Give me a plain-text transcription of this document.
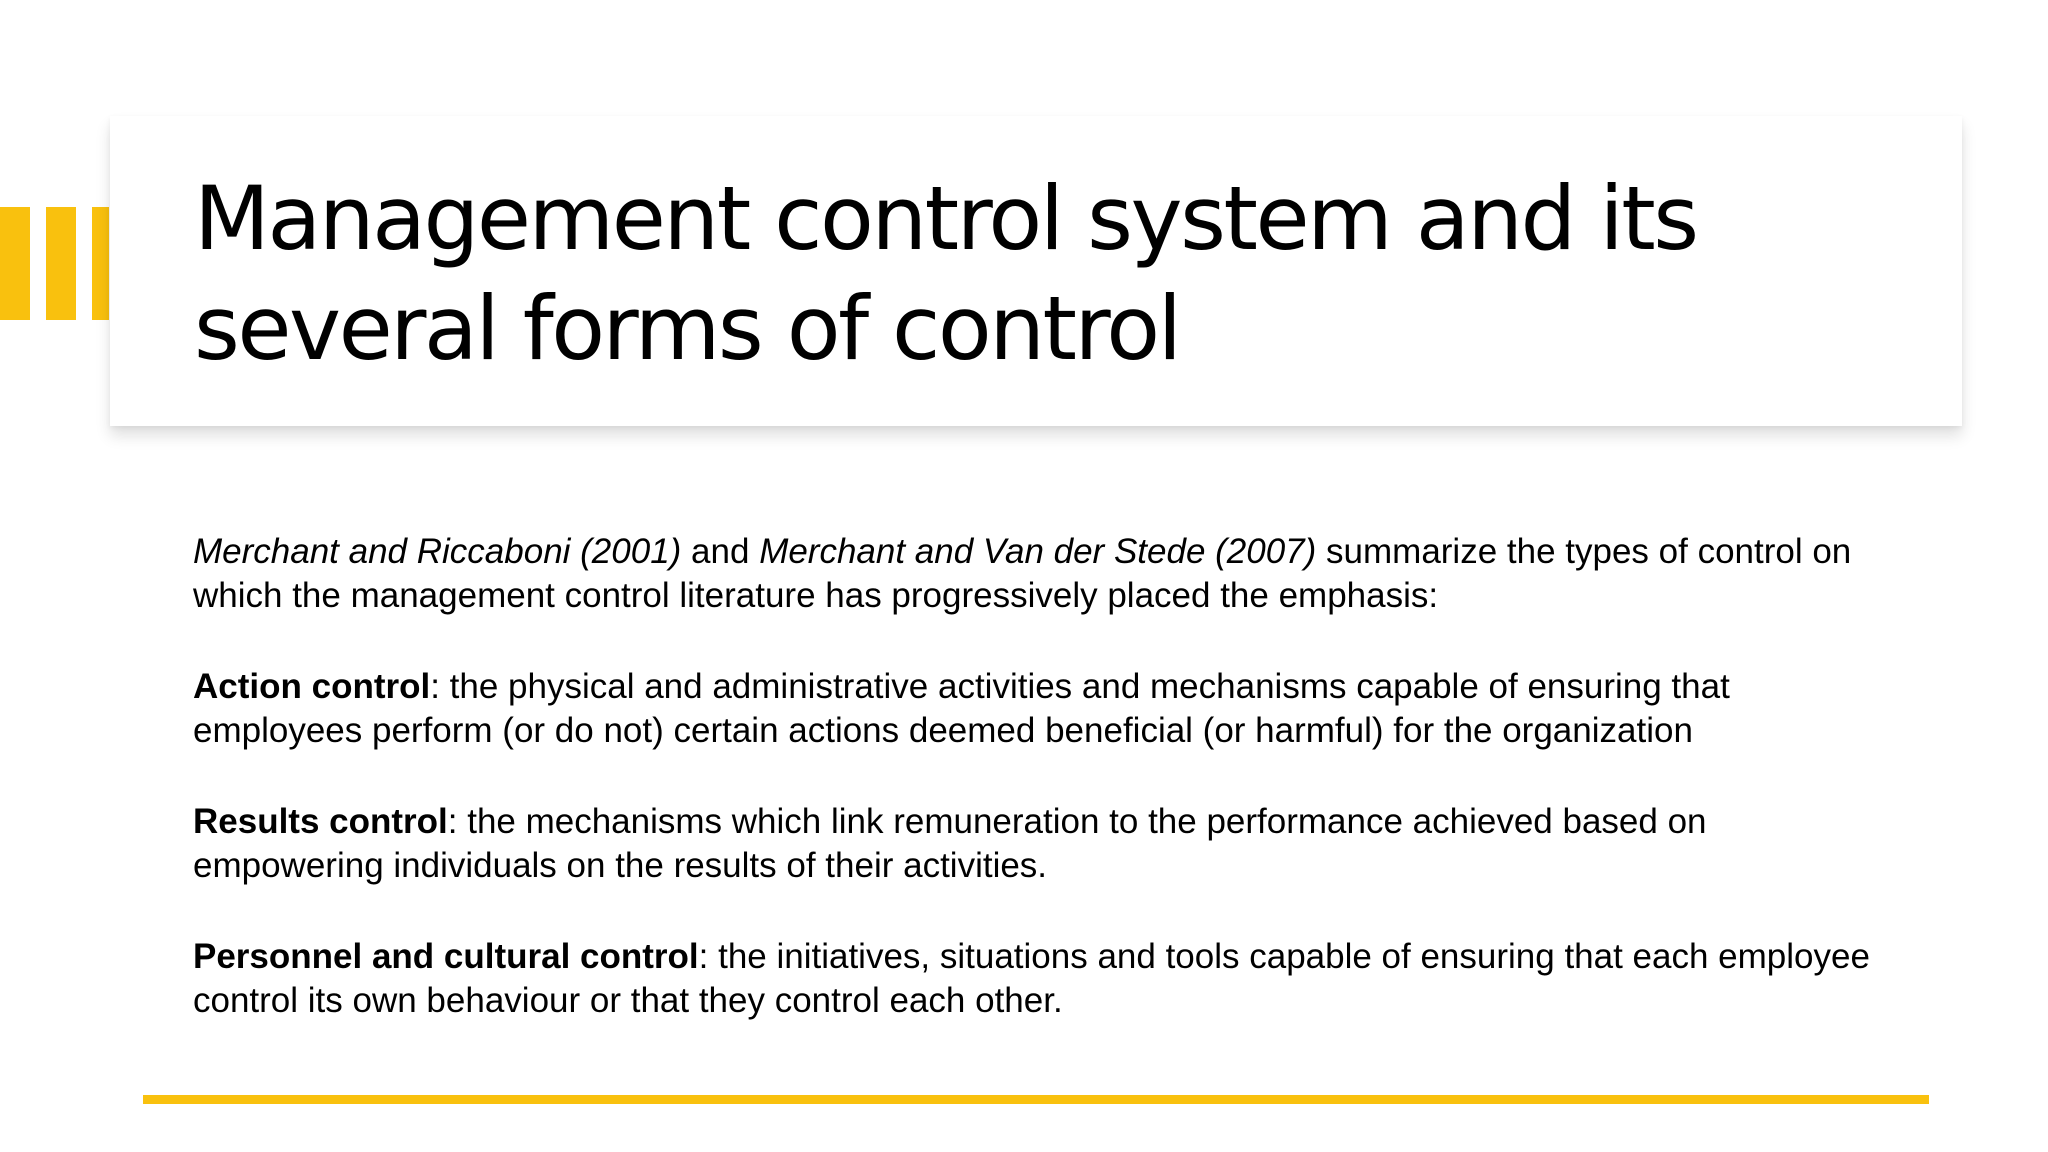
Management control system and its
several forms of control

Merchant and Riccaboni (2001) and Merchant and Van der Stede (2007) summarize the types of control on which the management control literature has progressively placed the emphasis:

Action control: the physical and administrative activities and mechanisms capable of ensuring that employees perform (or do not) certain actions deemed beneficial (or harmful) for the organization

Results control: the mechanisms which link remuneration to the performance achieved based on empowering individuals on the results of their activities.

Personnel and cultural control: the initiatives, situations and tools capable of ensuring that each employee control its own behaviour or that they control each other.
